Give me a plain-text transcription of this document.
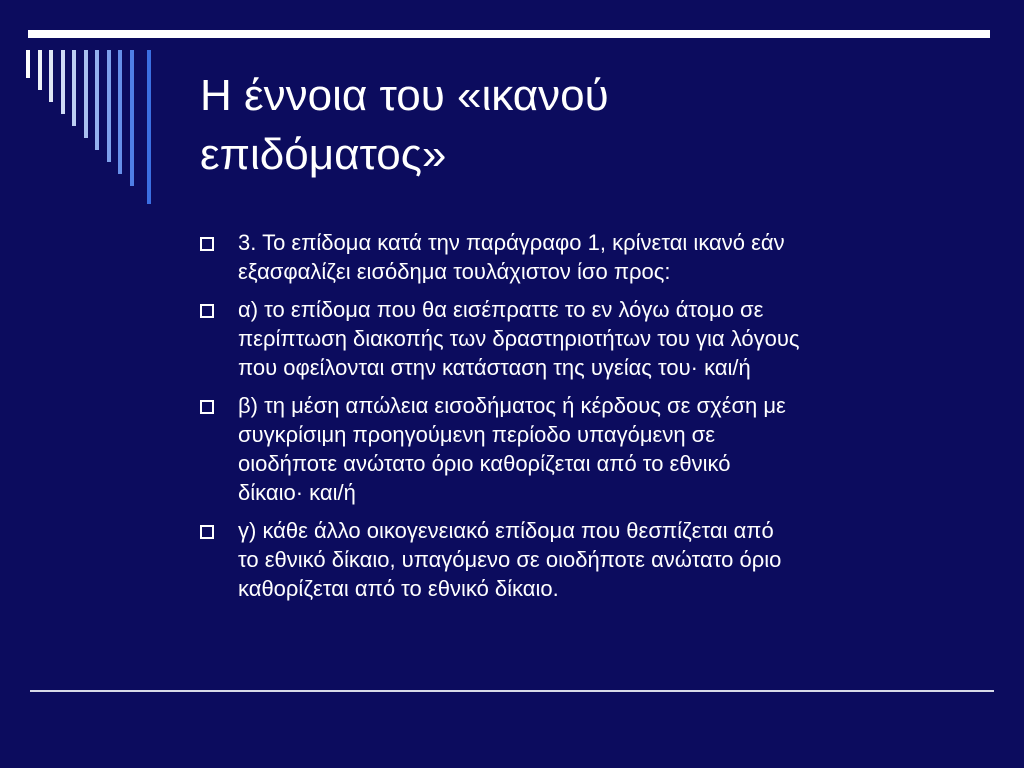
Η έννοια του «ικανού
επιδόματος»
3. Το επίδομα κατά την παράγραφο 1, κρίνεται ικανό εάν
εξασφαλίζει εισόδημα τουλάχιστον ίσο προς:
α) το επίδομα που θα εισέπραττε το εν λόγω άτομο σε
περίπτωση διακοπής των δραστηριοτήτων του για λόγους
που οφείλονται στην κατάσταση της υγείας του· και/ή
β) τη μέση απώλεια εισοδήματος ή κέρδους σε σχέση με
συγκρίσιμη προηγούμενη περίοδο υπαγόμενη σε
οιοδήποτε ανώτατο όριο καθορίζεται από το εθνικό
δίκαιο· και/ή
γ) κάθε άλλο οικογενειακό επίδομα που θεσπίζεται από
το εθνικό δίκαιο, υπαγόμενο σε οιοδήποτε ανώτατο όριο
καθορίζεται από το εθνικό δίκαιο.
